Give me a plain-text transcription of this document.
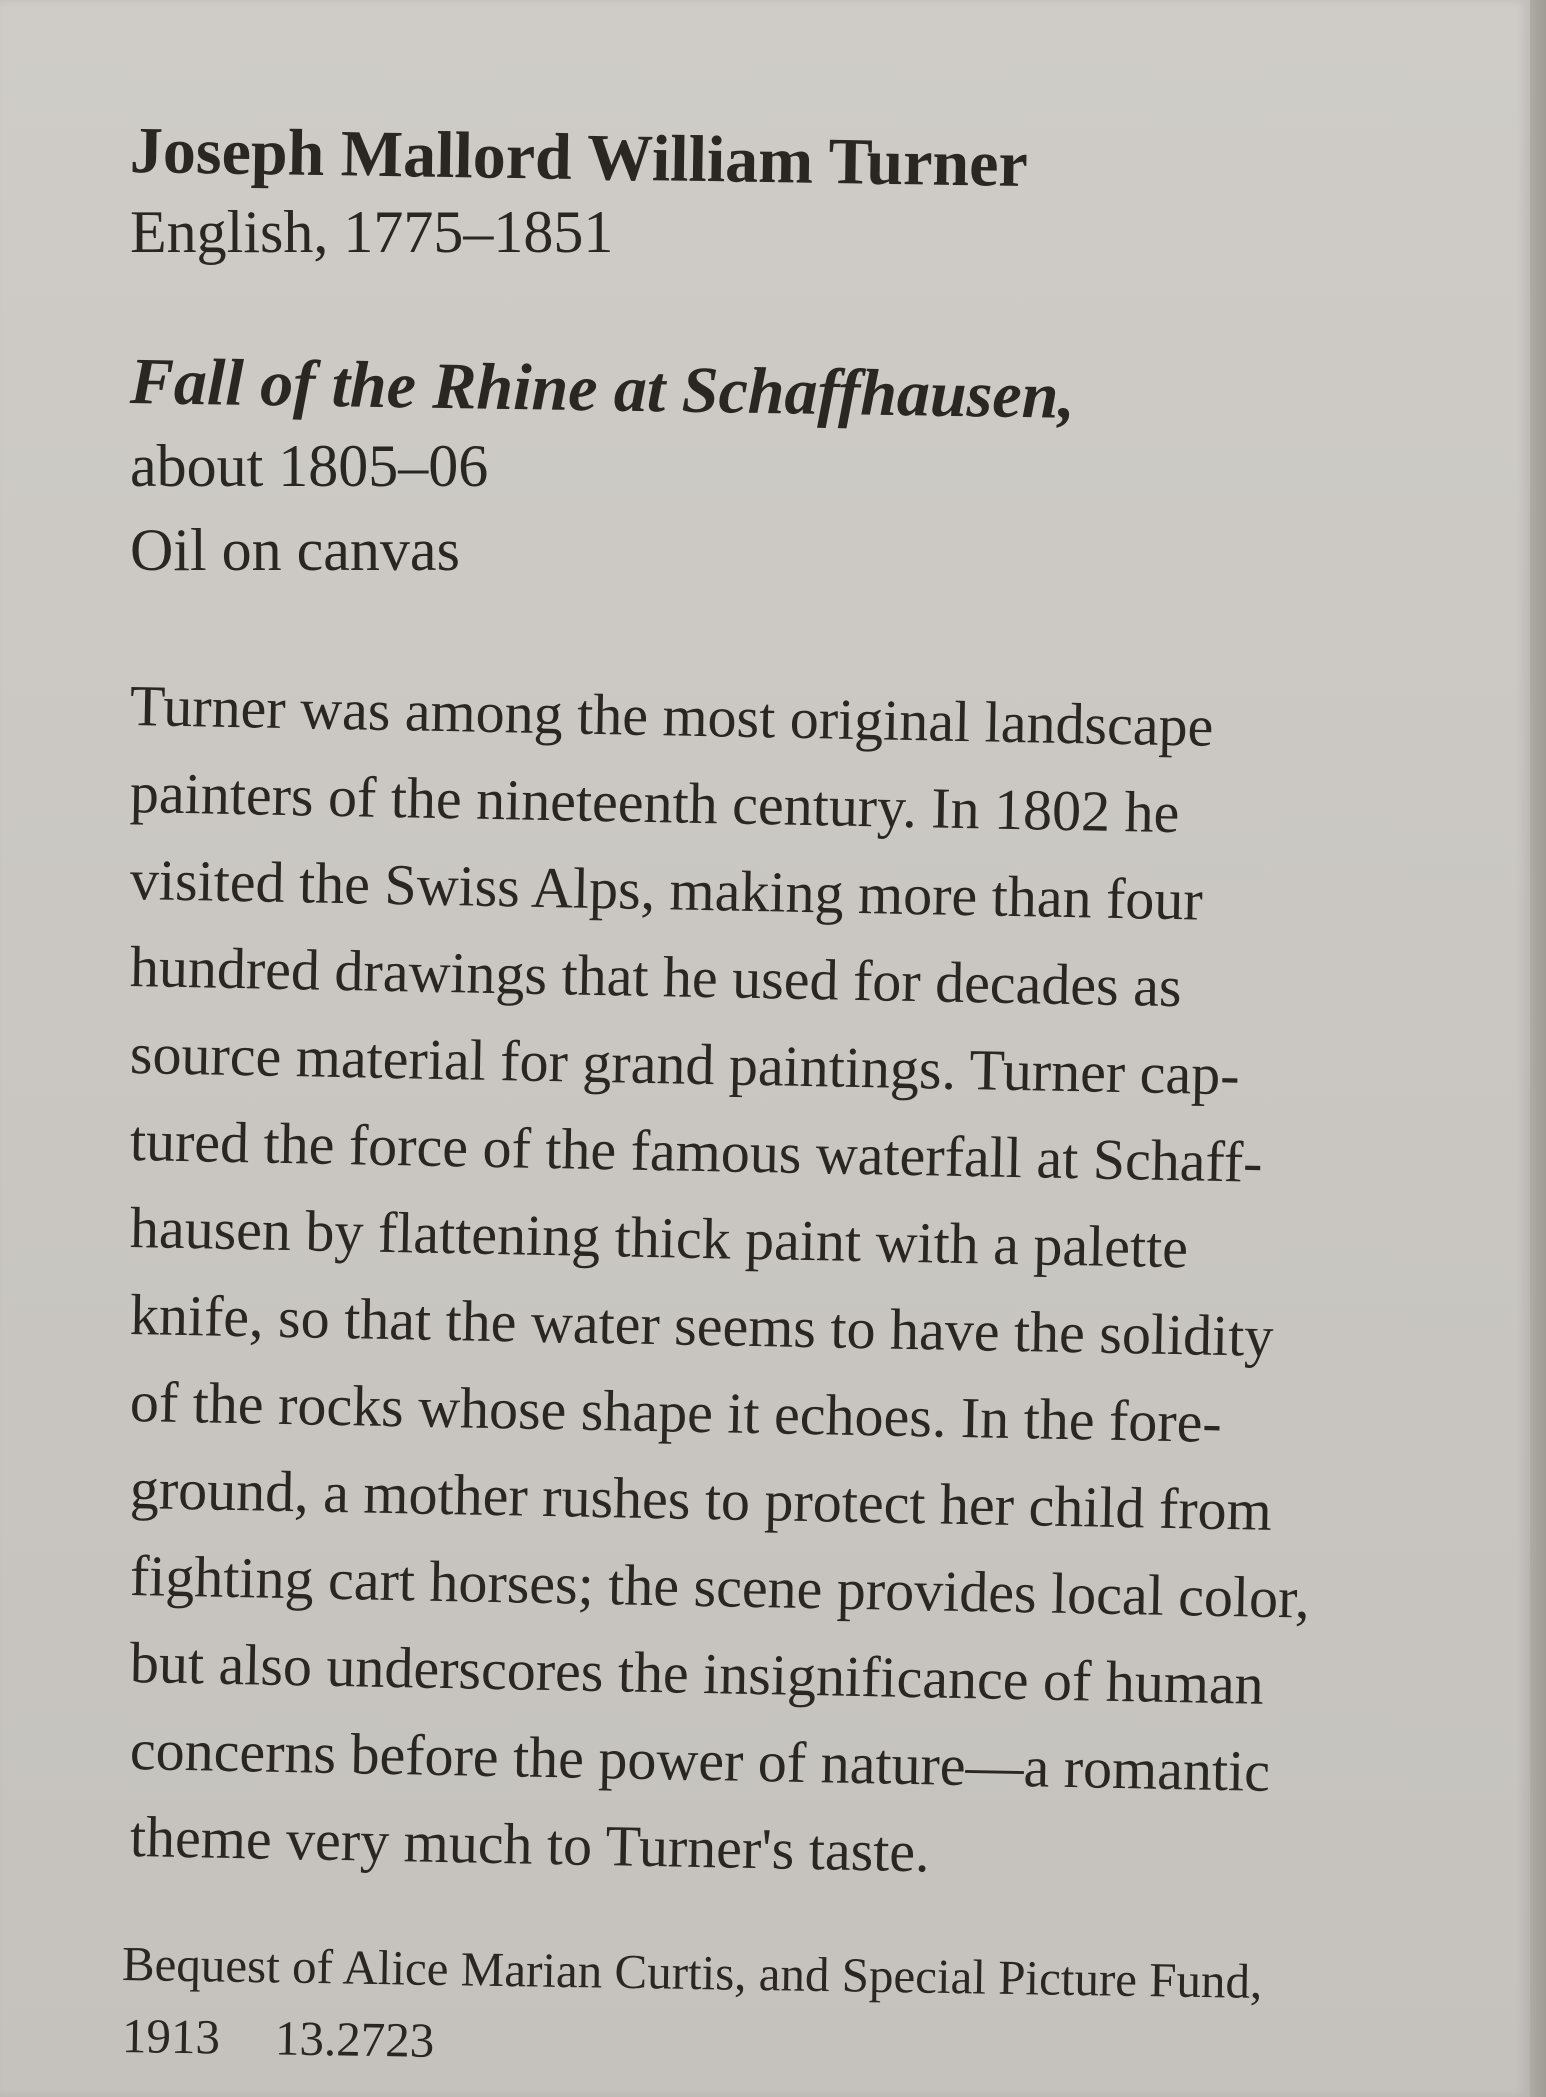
Joseph Mallord William Turner

English, 1775–1851

Fall of the Rhine at Schaffhausen,

about 1805–06

Oil on canvas

Turner was among the most original landscape
painters of the nineteenth century. In 1802 he
visited the Swiss Alps, making more than four
hundred drawings that he used for decades as
source material for grand paintings. Turner cap-
tured the force of the famous waterfall at Schaff-
hausen by flattening thick paint with a palette
knife, so that the water seems to have the solidity
of the rocks whose shape it echoes. In the fore-
ground, a mother rushes to protect her child from
fighting cart horses; the scene provides local color,
but also underscores the insignificance of human
concerns before the power of nature—a romantic
theme very much to Turner's taste.
Bequest of Alice Marian Curtis, and Special Picture Fund,
1913 13.2723
